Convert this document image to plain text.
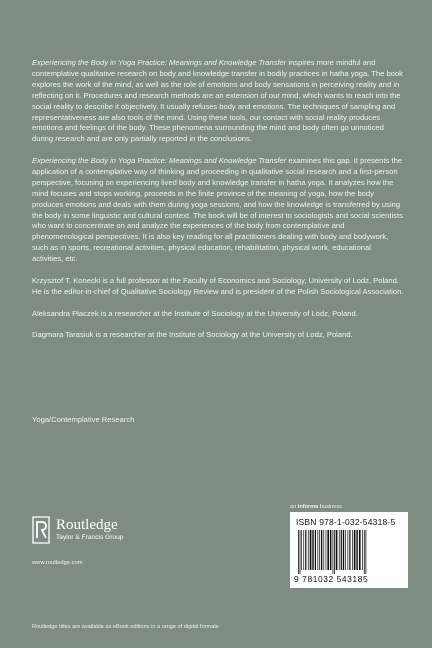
Experiencing the Body in Yoga Practice: Meanings and Knowledge Transfer inspires more mindful and contemplative qualitative research on body and knowledge transfer in bodily practices in hatha yoga. The book explores the work of the mind, as well as the role of emotions and body sensations in perceiving reality and in reflecting on it. Procedures and research methods are an extension of our mind, which wants to reach into the social reality to describe it objectively. It usually refuses body and emotions. The techniques of sampling and representativeness are also tools of the mind. Using these tools, our contact with social reality produces emotions and feelings of the body. These phenomena surrounding the mind and body often go unnoticed during research and are only partially reported in the conclusions.

Experiencing the Body in Yoga Practice: Meanings and Knowledge Transfer examines this gap. It presents the application of a contemplative way of thinking and proceeding in qualitative social research and a first-person perspective, focusing on experiencing lived body and knowledge transfer in hatha yoga. It analyzes how the mind focuses and stops working, proceeds in the finite province of the meaning of yoga, how the body produces emotions and deals with them during yoga sessions, and how the knowledge is transferred by using the body in some linguistic and cultural context. The book will be of interest to sociologists and social scientists who want to concentrate on and analyze the experiences of the body from contemplative and phenomenological perspectives. It is also key reading for all practitioners dealing with body and bodywork, such as in sports, recreational activities, physical education, rehabilitation, physical work, educational activities, etc.

Krzysztof T. Konecki is a full professor at the Faculty of Economics and Sociology, University of Lodz, Poland. He is the editor-in-chief of Qualitative Sociology Review and is president of the Polish Sociological Association.

Aleksandra Płaczek is a researcher at the Institute of Sociology at the University of Lodz, Poland.

Dagmara Tarasiuk is a researcher at the Institute of Sociology at the University of Lodz, Poland.

Yoga/Contemplative Research
Routledge
Taylor & Francis Group
www.routledge.com
an informa business
ISBN 978-1-032-54318-5
9 781032 543185
Routledge titles are available as eBook editions in a range of digital formats
